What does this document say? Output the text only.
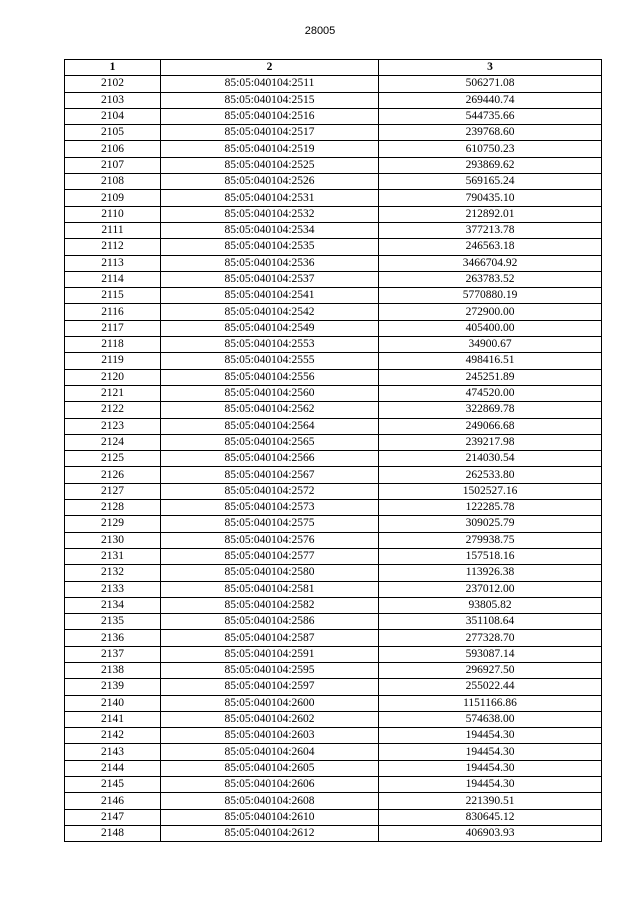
28005
1	2	3
2102	85:05:040104:2511	506271.08
2103	85:05:040104:2515	269440.74
2104	85:05:040104:2516	544735.66
2105	85:05:040104:2517	239768.60
2106	85:05:040104:2519	610750.23
2107	85:05:040104:2525	293869.62
2108	85:05:040104:2526	569165.24
2109	85:05:040104:2531	790435.10
2110	85:05:040104:2532	212892.01
2111	85:05:040104:2534	377213.78
2112	85:05:040104:2535	246563.18
2113	85:05:040104:2536	3466704.92
2114	85:05:040104:2537	263783.52
2115	85:05:040104:2541	5770880.19
2116	85:05:040104:2542	272900.00
2117	85:05:040104:2549	405400.00
2118	85:05:040104:2553	34900.67
2119	85:05:040104:2555	498416.51
2120	85:05:040104:2556	245251.89
2121	85:05:040104:2560	474520.00
2122	85:05:040104:2562	322869.78
2123	85:05:040104:2564	249066.68
2124	85:05:040104:2565	239217.98
2125	85:05:040104:2566	214030.54
2126	85:05:040104:2567	262533.80
2127	85:05:040104:2572	1502527.16
2128	85:05:040104:2573	122285.78
2129	85:05:040104:2575	309025.79
2130	85:05:040104:2576	279938.75
2131	85:05:040104:2577	157518.16
2132	85:05:040104:2580	113926.38
2133	85:05:040104:2581	237012.00
2134	85:05:040104:2582	93805.82
2135	85:05:040104:2586	351108.64
2136	85:05:040104:2587	277328.70
2137	85:05:040104:2591	593087.14
2138	85:05:040104:2595	296927.50
2139	85:05:040104:2597	255022.44
2140	85:05:040104:2600	1151166.86
2141	85:05:040104:2602	574638.00
2142	85:05:040104:2603	194454.30
2143	85:05:040104:2604	194454.30
2144	85:05:040104:2605	194454.30
2145	85:05:040104:2606	194454.30
2146	85:05:040104:2608	221390.51
2147	85:05:040104:2610	830645.12
2148	85:05:040104:2612	406903.93
